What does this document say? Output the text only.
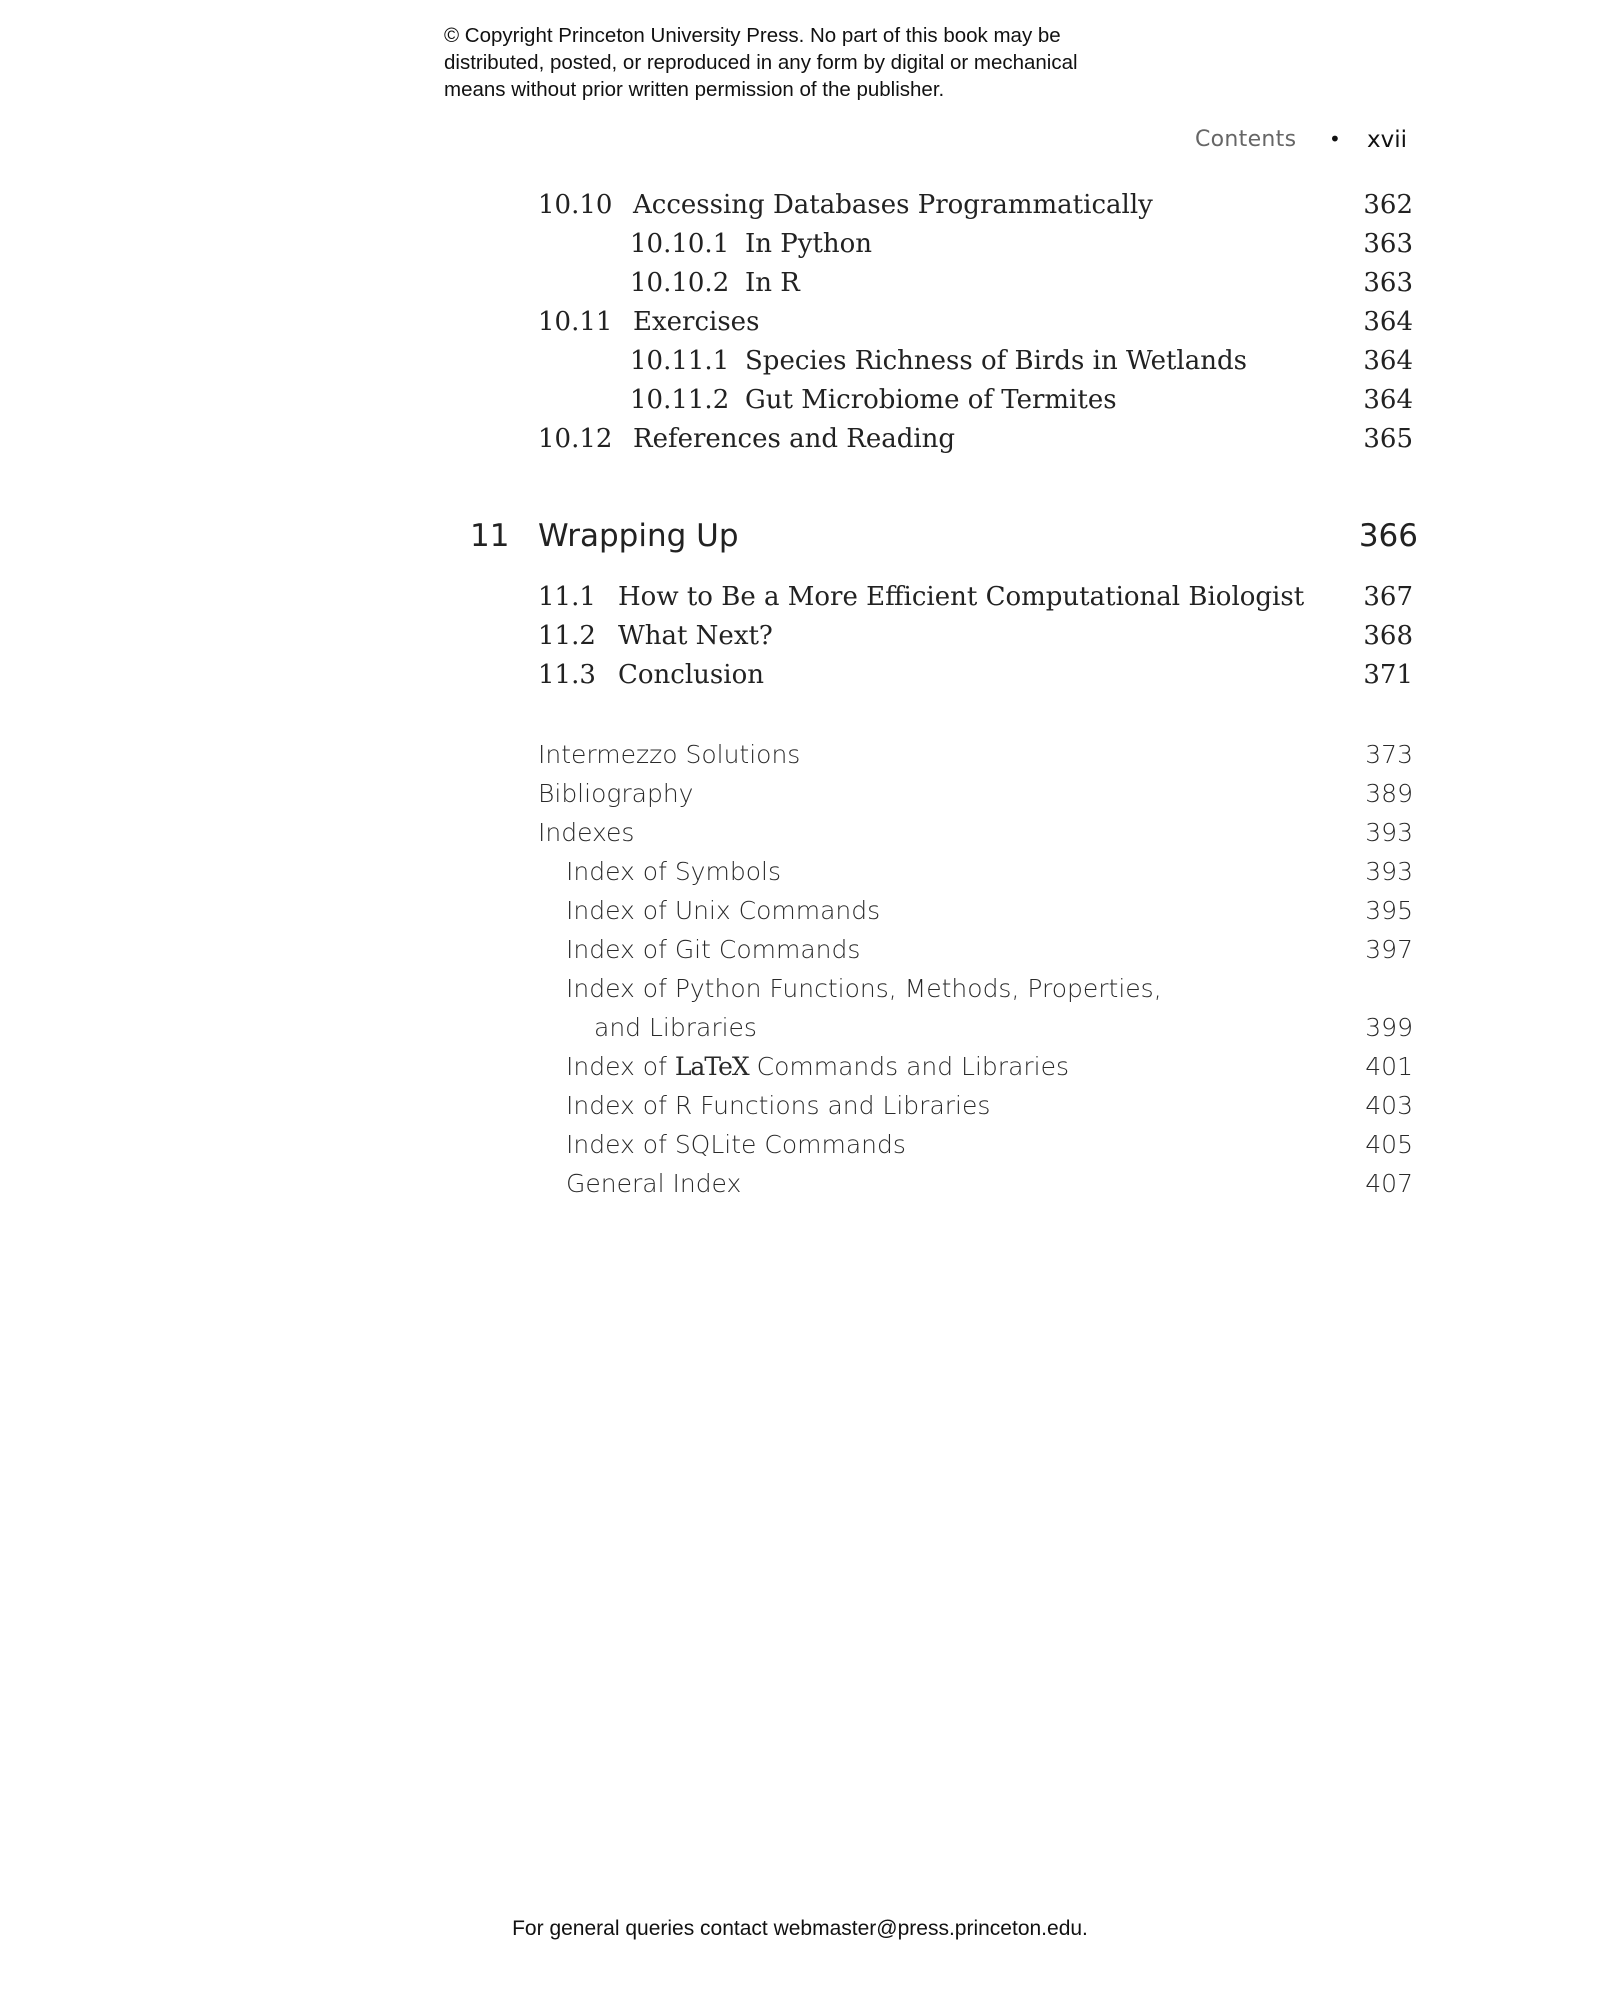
© Copyright Princeton University Press. No part of this book may be
distributed, posted, or reproduced in any form by digital or mechanical
means without prior written permission of the publisher.
Contents • xvii
10.10 Accessing Databases Programmatically	362
10.10.1 In Python	363
10.10.2 In R	363
10.11 Exercises	364
10.11.1 Species Richness of Birds in Wetlands	364
10.11.2 Gut Microbiome of Termites	364
10.12 References and Reading	365
11 Wrapping Up	366
11.1 How to Be a More Efficient Computational Biologist 367
11.2 What Next?	368
11.3 Conclusion	371
Intermezzo Solutions	373
Bibliography	389
Indexes	393
Index of Symbols	393
Index of Unix Commands	395
Index of Git Commands	397
Index of Python Functions, Methods, Properties,
and Libraries	399
Index of LaTeX Commands and Libraries	401
Index of R Functions and Libraries	403
Index of SQLite Commands	405
General Index	407
For general queries contact webmaster@press.princeton.edu.
